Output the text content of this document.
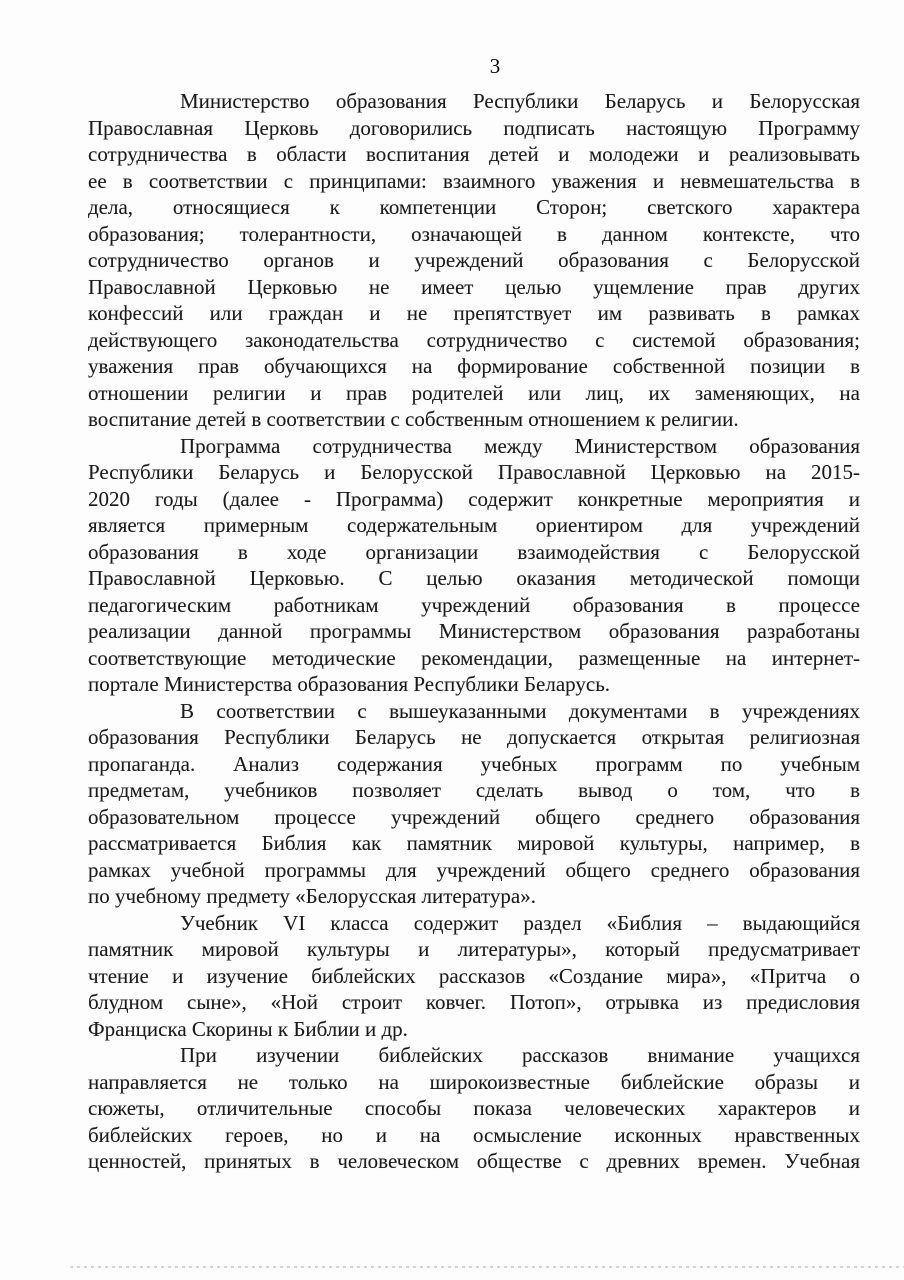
3
Министерство образования Республики Беларусь и Белорусская
Православная Церковь договорились подписать настоящую Программу
сотрудничества в области воспитания детей и молодежи и реализовывать
ее в соответствии с принципами: взаимного уважения и невмешательства в
дела, относящиеся к компетенции Сторон; светского характера
образования; толерантности, означающей в данном контексте, что
сотрудничество органов и учреждений образования с Белорусской
Православной Церковью не имеет целью ущемление прав других
конфессий или граждан и не препятствует им развивать в рамках
действующего законодательства сотрудничество с системой образования;
уважения прав обучающихся на формирование собственной позиции в
отношении религии и прав родителей или лиц, их заменяющих, на
воспитание детей в соответствии с собственным отношением к религии.
Программа сотрудничества между Министерством образования
Республики Беларусь и Белорусской Православной Церковью на 2015-
2020 годы (далее - Программа) содержит конкретные мероприятия и
является примерным содержательным ориентиром для учреждений
образования в ходе организации взаимодействия с Белорусской
Православной Церковью. С целью оказания методической помощи
педагогическим работникам учреждений образования в процессе
реализации данной программы Министерством образования разработаны
соответствующие методические рекомендации, размещенные на интернет-
портале Министерства образования Республики Беларусь.
В соответствии с вышеуказанными документами в учреждениях
образования Республики Беларусь не допускается открытая религиозная
пропаганда. Анализ содержания учебных программ по учебным
предметам, учебников позволяет сделать вывод о том, что в
образовательном процессе учреждений общего среднего образования
рассматривается Библия как памятник мировой культуры, например, в
рамках учебной программы для учреждений общего среднего образования
по учебному предмету «Белорусская литература».
Учебник VI класса содержит раздел «Библия – выдающийся
памятник мировой культуры и литературы», который предусматривает
чтение и изучение библейских рассказов «Создание мира», «Притча о
блудном сыне», «Ной строит ковчег. Потоп», отрывка из предисловия
Франциска Скорины к Библии и др.
При изучении библейских рассказов внимание учащихся
направляется не только на широкоизвестные библейские образы и
сюжеты, отличительные способы показа человеческих характеров и
библейских героев, но и на осмысление исконных нравственных
ценностей, принятых в человеческом обществе с древних времен. Учебная
